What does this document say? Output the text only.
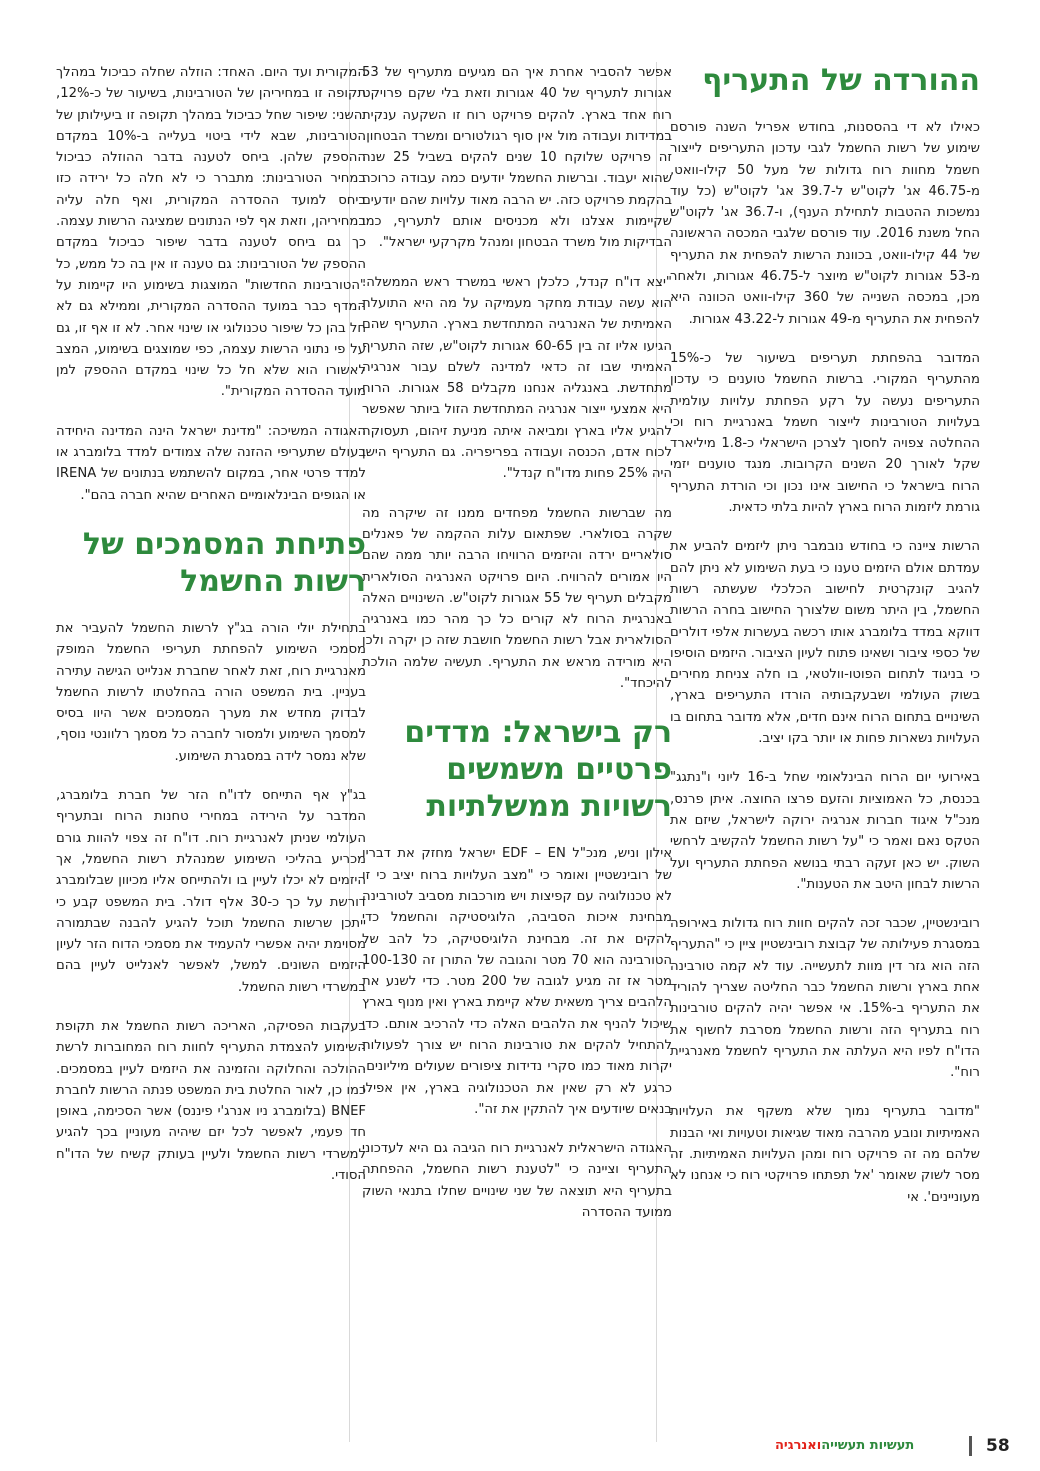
ההורדה של התעריף

כאילו לא די בהססנות, בחודש אפריל השנה פורסם שימוע של רשות החשמל לגבי עדכון התעריפים לייצור חשמל מחוות רוח גדולות של מעל 50 קילו-וואט, מ-46.75 אג' לקוט"ש ל-39.7 אג' לקוט"ש (כל עוד נמשכות ההטבות לתחילת הענף), ו-36.7 אג' לקוט"ש החל משנת 2016. עוד פורסם שלגבי המכסה הראשונה של 44 קילו-וואט, בכוונת הרשות להפחית את התעריף מ-53 אגורות לקוט"ש מיוצר ל-46.75 אגורות, ולאחר מכן, במכסה השנייה של 360 קילו-וואט הכוונה היא להפחית את התעריף מ-49 אגורות ל-43.22 אגורות.

המדובר בהפחתת תעריפים בשיעור של כ-15% מהתעריף המקורי. ברשות החשמל טוענים כי עדכון התעריפים נעשה על רקע הפחתת עלויות עולמית בעלויות הטורבינות לייצור חשמל באנרגיית רוח וכי ההחלטה צפויה לחסוך לצרכן הישראלי כ-1.8 מיליארד שקל לאורך 20 השנים הקרובות. מנגד טוענים יזמי הרוח בישראל כי החישוב אינו נכון וכי הורדת התעריף גורמת ליזמות הרוח בארץ להיות בלתי כדאית.

הרשות ציינה כי בחודש נובמבר ניתן ליזמים להביע את עמדתם אולם היזמים טענו כי בעת השימוע לא ניתן להם להגיב קונקרטית לחישוב הכלכלי שעשתה רשות החשמל, בין היתר משום שלצורך החישוב בחרה הרשות דווקא במדד בלומברג אותו רכשה בעשרות אלפי דולרים של כספי ציבור ושאינו פתוח לעיון הציבור. היזמים הוסיפו כי בניגוד לתחום הפוטו-וולטאי, בו חלה צניחת מחירים בשוק העולמי ושבעקבותיה הורדו התעריפים בארץ, השינויים בתחום הרוח אינם חדים, אלא מדובר בתחום בו העלויות נשארות פחות או יותר בקו יציב.

באירועי יום הרוח הבינלאומי שחל ב-16 ליוני ו"נתגג" בכנסת, כל האמוציות והזעם פרצו החוצה. איתן פרנס, מנכ"ל איגוד חברות אנרגיה ירוקה לישראל, שיזם את הטקס נאם ואמר כי "על רשות החשמל להקשיב לרחשי השוק. יש כאן זעקה רבתי בנושא הפחתת התעריף ועל הרשות לבחון היטב את הטענות".

רובינשטיין, שכבר זכה להקים חוות רוח גדולות באירופה במסגרת פעילותה של קבוצת רובינשטיין ציין כי "התעריף הזה הוא גזר דין מוות לתעשייה. עוד לא קמה טורבינה אחת בארץ ורשות החשמל כבר החליטה שצריך להוריד את התעריף ב-15%. אי אפשר יהיה להקים טורבינות רוח בתעריף הזה ורשות החשמל מסרבת לחשוף את הדו"ח לפיו היא העלתה את התעריף לחשמל מאנרגיית רוח".

"מדובר בתעריף נמוך שלא משקף את העלויות האמיתיות ונובע מהרבה מאוד שגיאות וטעויות ואי הבנות שלהם מה זה פרויקט רוח ומהן העלויות האמיתיות. זה מסר לשוק שאומר 'אל תפתחו פרויקטי רוח כי אנחנו לא מעוניינים'. אי

אפשר להסביר אחרת איך הם מגיעים מתעריף של 53 אגורות לתעריף של 40 אגורות וזאת בלי שקם פרויקט רוח אחד בארץ. להקים פרויקט רוח זו השקעה ענקית במדידות ועבודה מול אין סוף רגולטורים ומשרד הבטחון. זה פרויקט שלוקח 10 שנים להקים בשביל 25 שנה שהוא יעבוד. וברשות החשמל יודעים כמה עבודה כרוכה בהקמת פרויקט כזה. יש הרבה מאוד עלויות שהם יודעים שקיימות אצלנו ולא מכניסים אותם לתעריף, כמו הבדיקות מול משרד הבטחון ומנהל מקרקעי ישראל".

"יצא דו"ח קנדל, כלכלן ראשי במשרד ראש הממשלה. הוא עשה עבודת מחקר מעמיקה על מה היא התועלת האמיתית של האנרגיה המתחדשת בארץ. התעריף שהם הגיעו אליו זה בין 60-65 אגורות לקוט"ש, שזה התעריף האמיתי שבו זה כדאי למדינה לשלם עבור אנרגיה מתחדשת. באנגליה אנחנו מקבלים 58 אגורות. הרוח היא אמצעי ייצור אנרגיה המתחדשת הזול ביותר שאפשר להגיע אליו בארץ ומביאה איתה מניעת זיהום, תעסוקה לכוח אדם, הכנסה ועבודה בפריפריה. גם התעריף הישן היה 25% פחות מדו"ח קנדל".

מה שברשות החשמל מפחדים ממנו זה שיקרה מה שקרה בסולארי. שפתאום עלות ההקמה של פאנלים סולאריים ירדה והיזמים הרוויחו הרבה יותר ממה שהם היו אמורים להרוויח. היום פרויקט האנרגיה הסולארית מקבלים תעריף של 55 אגורות לקוט"ש. השינויים האלה באנרגיית הרוח לא קורים כל כך מהר כמו באנרגיה הסולארית אבל רשות החשמל חושבת שזה כן יקרה ולכן היא מורידה מראש את התעריף. תעשיה שלמה הולכת להיכחד".

רק בישראל: מדדים פרטיים משמשים רשויות ממשלתיות

אילון וניש, מנכ"ל EDF – EN ישראל מחזק את דבריו של רובינשטיין ואומר כי "מצב העלויות ברוח יציב כי זו לא טכנולוגיה עם קפיצות ויש מורכבות מסביב לטורבינה מבחינת איכות הסביבה, הלוגיסטיקה והחשמל כדי להקים את זה. מבחינת הלוגיסטיקה, כל להב של הטורבינה הוא 70 מטר והגובה של התורן זה 100-130 מטר אז זה מגיע לגובה של 200 מטר. כדי לשנע את הלהבים צריך משאית שלא קיימת בארץ ואין מנוף בארץ שיכול להניף את הלהבים האלה כדי להרכיב אותם. כדי להתחיל להקים את טורבינות הרוח יש צורך לפעולות יקרות מאוד כמו סקרי נדידות ציפורים שעולים מיליונים. כרגע לא רק שאין את הטכנולוגיה בארץ, אין אפילו בנאים שיודעים איך להתקין את זה".

האגודה הישראלית לאנרגיית רוח הגיבה גם היא לעדכוני התעריף וציינה כי "לטענת רשות החשמל, ההפחתה בתעריף היא תוצאה של שני שינויים שחלו בתנאי השוק ממועד ההסדרה

המקורית ועד היום. האחד: הוזלה שחלה כביכול במהלך תקופה זו במחיריהן של הטורבינות, בשיעור של כ-12%, והשני: שיפור שחל כביכול במהלך תקופה זו ביעילותן של הטורבינות, שבא לידי ביטוי בעלייה ב-10% במקדם ההספק שלהן. ביחס לטענה בדבר ההוזלה כביכול במחיר הטורבינות: מתברר כי לא חלה כל ירידה כזו ביחס למועד ההסדרה המקורית, ואף חלה עליה במחיריהן, וזאת אף לפי הנתונים שמציגה הרשות עצמה. כך גם ביחס לטענה בדבר שיפור כביכול במקדם ההספק של הטורבינות: גם טענה זו אין בה כל ממש, כל "הטורבינות החדשות" המוצגות בשימוע היו קיימות על המדף כבר במועד ההסדרה המקורית, וממילא גם לא חל בהן כל שיפור טכנולוגי או שינוי אחר. לא זו אף זו, גם על פי נתוני הרשות עצמה, כפי שמוצגים בשימוע, המצב לאשורו הוא שלא חל כל שינוי במקדם ההספק למן מועד ההסדרה המקורית".

האגודה המשיכה: "מדינת ישראל הינה המדינה היחידה בעולם שתעריפי ההזנה שלה צמודים למדד בלומברג או למדד פרטי אחר, במקום להשתמש בנתונים של IRENA או הגופים הבינלאומיים האחרים שהיא חברה בהם".

פתיחת המסמכים של רשות החשמל

בתחילת יולי הורה בג"ץ לרשות החשמל להעביר את מסמכי השימוע להפחתת תעריפי החשמל המופק מאנרגיית רוח, זאת לאחר שחברת אנלייט הגישה עתירה בעניין. בית המשפט הורה בהחלטתו לרשות החשמל לבדוק מחדש את מערך המסמכים אשר היוו בסיס למסמך השימוע ולמסור לחברה כל מסמך רלוונטי נוסף, שלא נמסר לידה במסגרת השימוע.

בג"ץ אף התייחס לדו"ח הזר של חברת בלומברג, המדבר על הירידה במחירי טחנות הרוח ובתעריף העולמי שניתן לאנרגיית רוח. דו"ח זה צפוי להוות גורם מכריע בהליכי השימוע שמנהלת רשות החשמל, אך היזמים לא יכלו לעיין בו ולהתייחס אליו מכיוון שבלומברג דורשת על כך כ-30 אלף דולר. בית המשפט קבע כי ייתכן שרשות החשמל תוכל להגיע להבנה שבתמורה מסוימת יהיה אפשרי להעמיד את מסמכי הדוח הזר לעיון היזמים השונים. למשל, לאפשר לאנלייט לעיין בהם במשרדי רשות החשמל.

בעקבות הפסיקה, האריכה רשות החשמל את תקופת השימוע להצמדת התעריף לחוות רוח המחוברות לרשת ההולכה והחלוקה והזמינה את היזמים לעיין במסמכים. כמו כן, לאור החלטת בית המשפט פנתה הרשות לחברת BNEF (בלומברג ניו אנרג'י פיננס) אשר הסכימה, באופן חד פעמי, לאפשר לכל יזם שיהיה מעוניין בכך להגיע למשרדי רשות החשמל ולעיין בעותק קשיח של הדו"ח הסודי.

58
תעשיות תעשייהואנרגיה
